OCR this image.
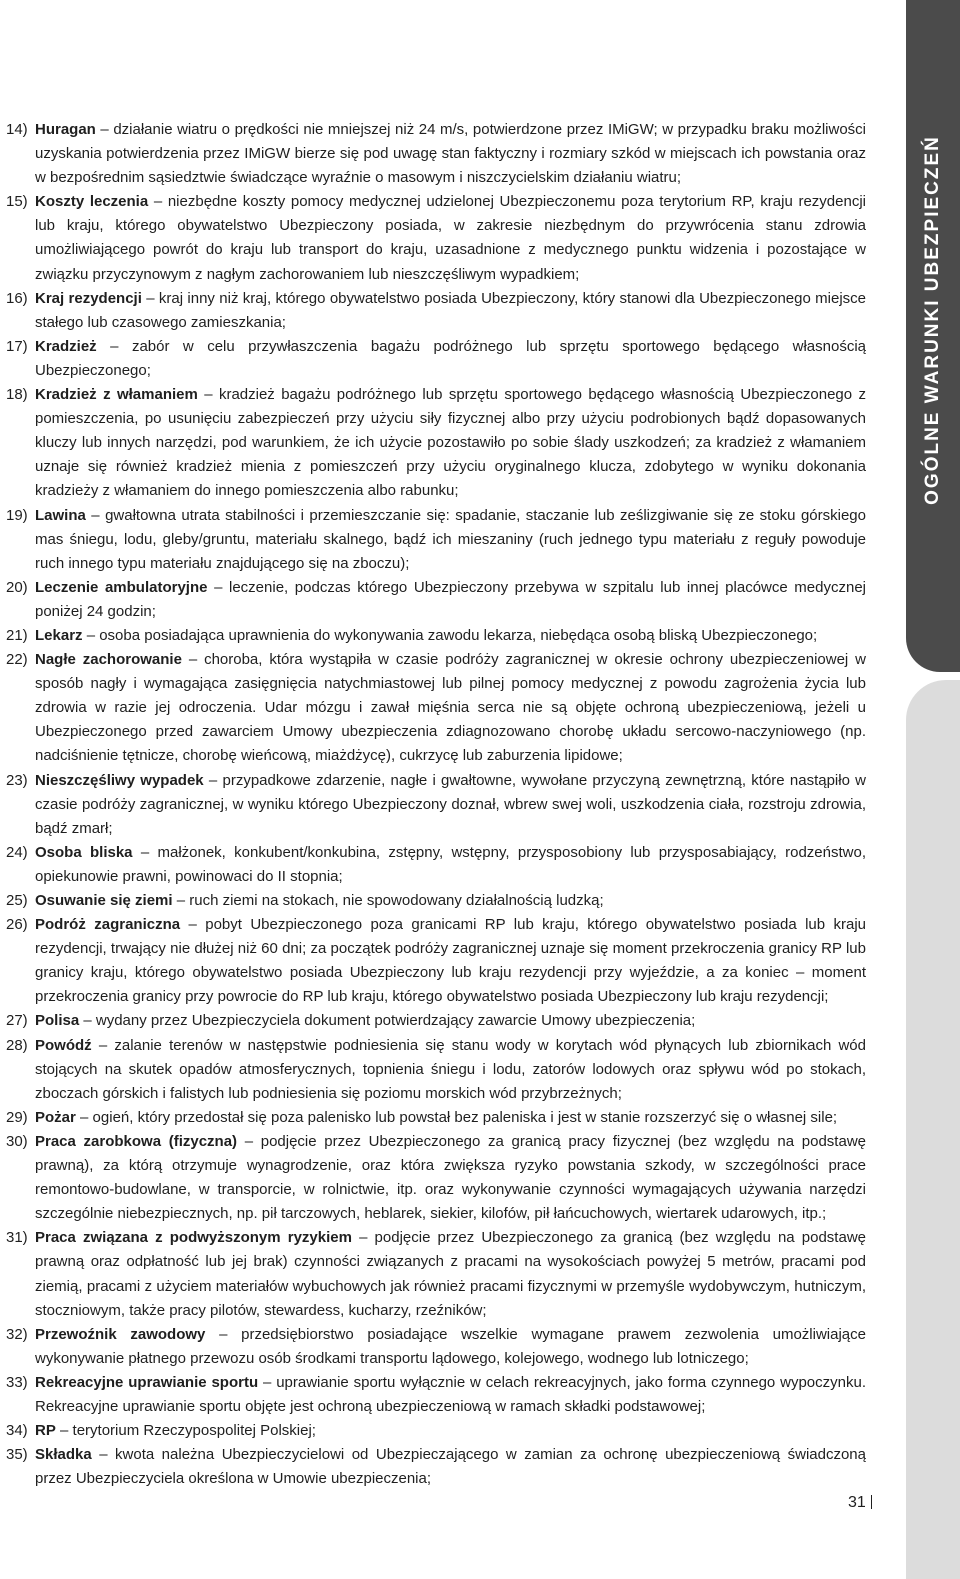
OGÓLNE WARUNKI UBEZPIECZEŃ
14) Huragan – działanie wiatru o prędkości nie mniejszej niż 24 m/s, potwierdzone przez IMiGW; w przypadku braku możliwości uzyskania potwierdzenia przez IMiGW bierze się pod uwagę stan faktyczny i rozmiary szkód w miejscach ich powstania oraz w bezpośrednim sąsiedztwie świadczące wyraźnie o masowym i niszczycielskim działaniu wiatru;
15) Koszty leczenia – niezbędne koszty pomocy medycznej udzielonej Ubezpieczonemu poza terytorium RP, kraju rezydencji lub kraju, którego obywatelstwo Ubezpieczony posiada, w zakresie niezbędnym do przywrócenia stanu zdrowia umożliwiającego powrót do kraju lub transport do kraju, uzasadnione z medycznego punktu widzenia i pozostające w związku przyczynowym z nagłym zachorowaniem lub nieszczęśliwym wypadkiem;
16) Kraj rezydencji – kraj inny niż kraj, którego obywatelstwo posiada Ubezpieczony, który stanowi dla Ubezpieczonego miejsce stałego lub czasowego zamieszkania;
17) Kradzież – zabór w celu przywłaszczenia bagażu podróżnego lub sprzętu sportowego będącego własnością Ubezpieczonego;
18) Kradzież z włamaniem – kradzież bagażu podróżnego lub sprzętu sportowego będącego własnością Ubezpieczonego z pomieszczenia, po usunięciu zabezpieczeń przy użyciu siły fizycznej albo przy użyciu podrobionych bądź dopasowanych kluczy lub innych narzędzi, pod warunkiem, że ich użycie pozostawiło po sobie ślady uszkodzeń; za kradzież z włamaniem uznaje się również kradzież mienia z pomieszczeń przy użyciu oryginalnego klucza, zdobytego w wyniku dokonania kradzieży z włamaniem do innego pomieszczenia albo rabunku;
19) Lawina – gwałtowna utrata stabilności i przemieszczanie się: spadanie, staczanie lub ześlizgiwanie się ze stoku górskiego mas śniegu, lodu, gleby/gruntu, materiału skalnego, bądź ich mieszaniny (ruch jednego typu materiału z reguły powoduje ruch innego typu materiału znajdującego się na zboczu);
20) Leczenie ambulatoryjne – leczenie, podczas którego Ubezpieczony przebywa w szpitalu lub innej placówce medycznej poniżej 24 godzin;
21) Lekarz – osoba posiadająca uprawnienia do wykonywania zawodu lekarza, niebędąca osobą bliską Ubezpieczonego;
22) Nagłe zachorowanie – choroba, która wystąpiła w czasie podróży zagranicznej w okresie ochrony ubezpieczeniowej w sposób nagły i wymagająca zasięgnięcia natychmiastowej lub pilnej pomocy medycznej z powodu zagrożenia życia lub zdrowia w razie jej odroczenia. Udar mózgu i zawał mięśnia serca nie są objęte ochroną ubezpieczeniową, jeżeli u Ubezpieczonego przed zawarciem Umowy ubezpieczenia zdiagnozowano chorobę układu sercowo-naczyniowego (np. nadciśnienie tętnicze, chorobę wieńcową, miażdżycę), cukrzycę lub zaburzenia lipidowe;
23) Nieszczęśliwy wypadek – przypadkowe zdarzenie, nagłe i gwałtowne, wywołane przyczyną zewnętrzną, które nastąpiło w czasie podróży zagranicznej, w wyniku którego Ubezpieczony doznał, wbrew swej woli, uszkodzenia ciała, rozstroju zdrowia, bądź zmarł;
24) Osoba bliska – małżonek, konkubent/konkubina, zstępny, wstępny, przysposobiony lub przysposabiający, rodzeństwo, opiekunowie prawni, powinowaci do II stopnia;
25) Osuwanie się ziemi – ruch ziemi na stokach, nie spowodowany działalnością ludzką;
26) Podróż zagraniczna – pobyt Ubezpieczonego poza granicami RP lub kraju, którego obywatelstwo posiada lub kraju rezydencji, trwający nie dłużej niż 60 dni; za początek podróży zagranicznej uznaje się moment przekroczenia granicy RP lub granicy kraju, którego obywatelstwo posiada Ubezpieczony lub kraju rezydencji przy wyjeździe, a za koniec – moment przekroczenia granicy przy powrocie do RP lub kraju, którego obywatelstwo posiada Ubezpieczony lub kraju rezydencji;
27) Polisa – wydany przez Ubezpieczyciela dokument potwierdzający zawarcie Umowy ubezpieczenia;
28) Powódź – zalanie terenów w następstwie podniesienia się stanu wody w korytach wód płynących lub zbiornikach wód stojących na skutek opadów atmosferycznych, topnienia śniegu i lodu, zatorów lodowych oraz spływu wód po stokach, zboczach górskich i falistych lub podniesienia się poziomu morskich wód przybrzeżnych;
29) Pożar – ogień, który przedostał się poza palenisko lub powstał bez paleniska i jest w stanie rozszerzyć się o własnej sile;
30) Praca zarobkowa (fizyczna) – podjęcie przez Ubezpieczonego za granicą pracy fizycznej (bez względu na podstawę prawną), za którą otrzymuje wynagrodzenie, oraz która zwiększa ryzyko powstania szkody, w szczególności prace remontowo-budowlane, w transporcie, w rolnictwie, itp. oraz wykonywanie czynności wymagających używania narzędzi szczególnie niebezpiecznych, np. pił tarczowych, heblarek, siekier, kilofów, pił łańcuchowych, wiertarek udarowych, itp.;
31) Praca związana z podwyższonym ryzykiem – podjęcie przez Ubezpieczonego za granicą (bez względu na podstawę prawną oraz odpłatność lub jej brak) czynności związanych z pracami na wysokościach powyżej 5 metrów, pracami pod ziemią, pracami z użyciem materiałów wybuchowych jak również pracami fizycznymi w przemyśle wydobywczym, hutniczym, stoczniowym, także pracy pilotów, stewardess, kucharzy, rzeźników;
32) Przewoźnik zawodowy – przedsiębiorstwo posiadające wszelkie wymagane prawem zezwolenia umożliwiające wykonywanie płatnego przewozu osób środkami transportu lądowego, kolejowego, wodnego lub lotniczego;
33) Rekreacyjne uprawianie sportu – uprawianie sportu wyłącznie w celach rekreacyjnych, jako forma czynnego wypoczynku. Rekreacyjne uprawianie sportu objęte jest ochroną ubezpieczeniową w ramach składki podstawowej;
34) RP – terytorium Rzeczypospolitej Polskiej;
35) Składka – kwota należna Ubezpieczycielowi od Ubezpieczającego w zamian za ochronę ubezpieczeniową świadczoną przez Ubezpieczyciela określona w Umowie ubezpieczenia;
31
